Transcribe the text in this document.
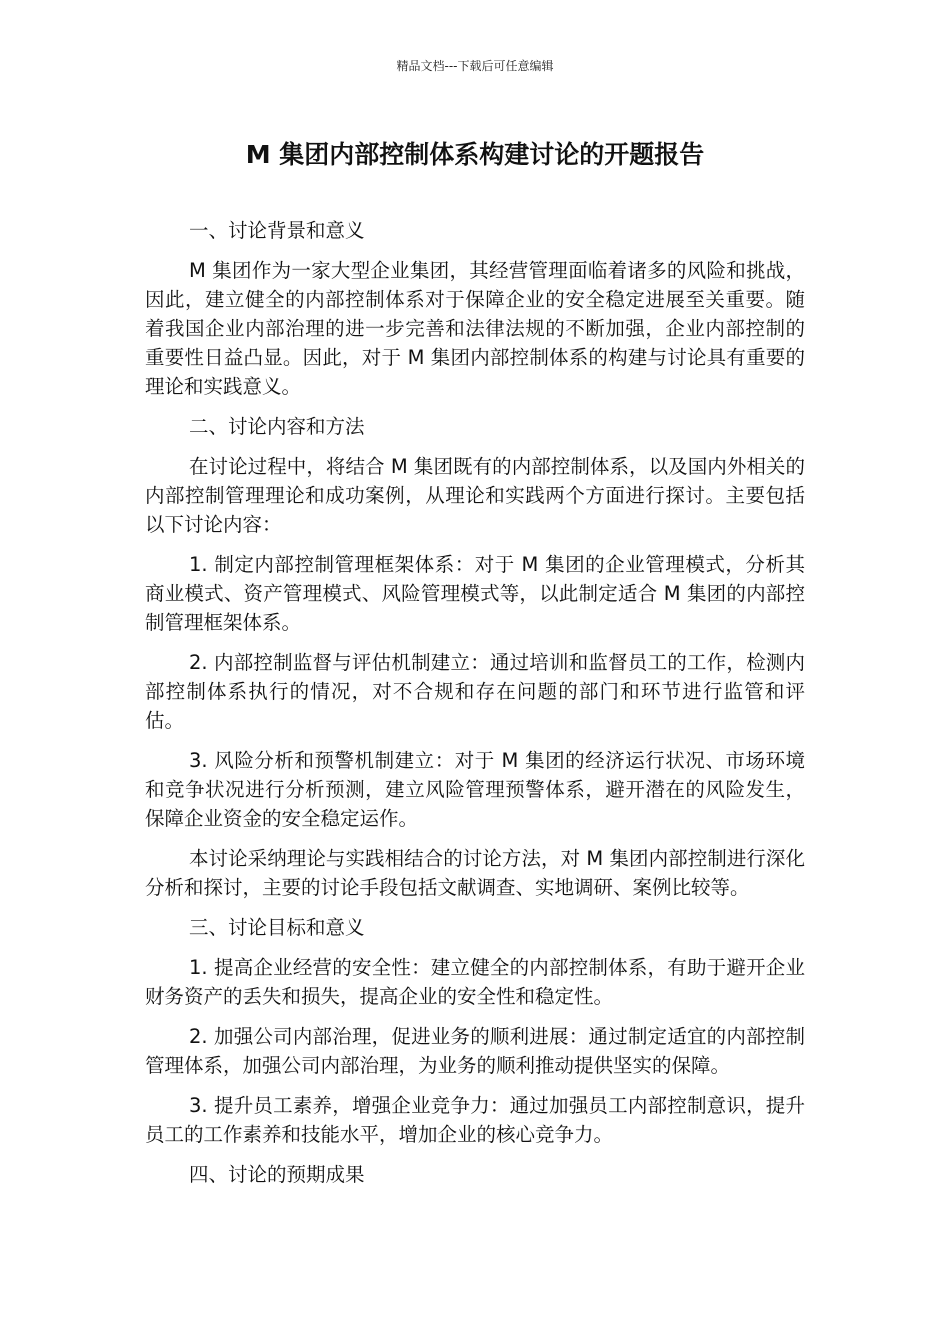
精品文档---下载后可任意编辑
M 集团内部控制体系构建讨论的开题报告

一、讨论背景和意义

M 集团作为一家大型企业集团，其经营管理面临着诸多的风险和挑战，因此，建立健全的内部控制体系对于保障企业的安全稳定进展至关重要。随着我国企业内部治理的进一步完善和法律法规的不断加强，企业内部控制的重要性日益凸显。因此，对于 M 集团内部控制体系的构建与讨论具有重要的理论和实践意义。

二、讨论内容和方法

在讨论过程中，将结合 M 集团既有的内部控制体系，以及国内外相关的内部控制管理理论和成功案例，从理论和实践两个方面进行探讨。主要包括以下讨论内容：

1. 制定内部控制管理框架体系：对于 M 集团的企业管理模式，分析其商业模式、资产管理模式、风险管理模式等，以此制定适合 M 集团的内部控制管理框架体系。

2. 内部控制监督与评估机制建立：通过培训和监督员工的工作，检测内部控制体系执行的情况，对不合规和存在问题的部门和环节进行监管和评估。

3. 风险分析和预警机制建立：对于 M 集团的经济运行状况、市场环境和竞争状况进行分析预测，建立风险管理预警体系，避开潜在的风险发生，保障企业资金的安全稳定运作。

本讨论采纳理论与实践相结合的讨论方法，对 M 集团内部控制进行深化分析和探讨，主要的讨论手段包括文献调查、实地调研、案例比较等。

三、讨论目标和意义

1. 提高企业经营的安全性：建立健全的内部控制体系，有助于避开企业财务资产的丢失和损失，提高企业的安全性和稳定性。

2. 加强公司内部治理，促进业务的顺利进展：通过制定适宜的内部控制管理体系，加强公司内部治理，为业务的顺利推动提供坚实的保障。

3. 提升员工素养，增强企业竞争力：通过加强员工内部控制意识，提升员工的工作素养和技能水平，增加企业的核心竞争力。

四、讨论的预期成果
